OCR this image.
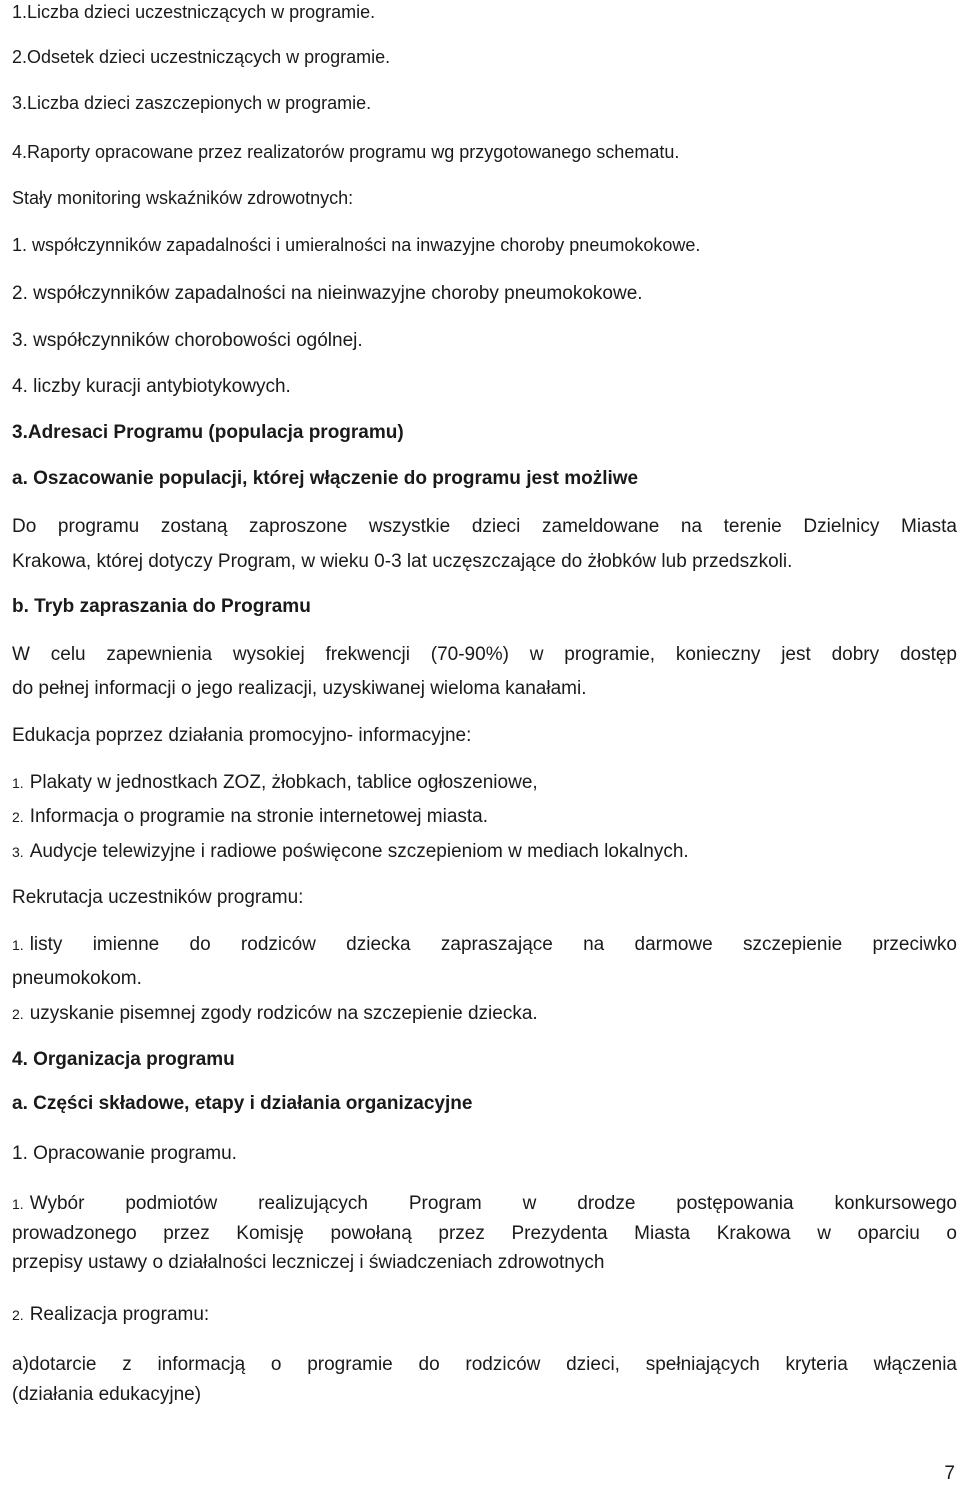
1.Liczba dzieci uczestniczących w programie.
2.Odsetek dzieci uczestniczących w programie.
3.Liczba dzieci zaszczepionych w programie.
4.Raporty opracowane przez realizatorów programu wg przygotowanego schematu.
Stały monitoring wskaźników zdrowotnych:
1. współczynników zapadalności i umieralności na inwazyjne choroby pneumokokowe.
2. współczynników zapadalności na nieinwazyjne choroby pneumokokowe.
3. współczynników chorobowości ogólnej.
4. liczby kuracji antybiotykowych.
3.Adresaci Programu (populacja programu)
a. Oszacowanie populacji, której włączenie do programu jest możliwe
Do programu zostaną zaproszone wszystkie dzieci zameldowane na terenie Dzielnicy Miasta
Krakowa, której dotyczy Program, w wieku 0-3 lat uczęszczające do żłobków lub przedszkoli.
b. Tryb zapraszania do Programu
W celu zapewnienia wysokiej frekwencji (70-90%) w programie, konieczny jest dobry dostęp
do pełnej informacji o jego realizacji, uzyskiwanej wieloma kanałami.
Edukacja poprzez działania promocyjno- informacyjne:
1. Plakaty w jednostkach ZOZ, żłobkach, tablice ogłoszeniowe,
2. Informacja o programie na stronie internetowej miasta.
3. Audycje telewizyjne i radiowe poświęcone szczepieniom w mediach lokalnych.
Rekrutacja uczestników programu:
1. listy imienne do rodziców dziecka zapraszające na darmowe szczepienie przeciwko
pneumokokom.
2. uzyskanie pisemnej zgody rodziców na szczepienie dziecka.
4. Organizacja programu
a. Części składowe, etapy i działania organizacyjne
1. Opracowanie programu.
1. Wybór podmiotów realizujących Program w drodze postępowania konkursowego
prowadzonego przez Komisję powołaną przez Prezydenta Miasta Krakowa w oparciu o
przepisy ustawy o działalności leczniczej i świadczeniach zdrowotnych
2. Realizacja programu:
a)dotarcie z informacją o programie do rodziców dzieci, spełniających kryteria włączenia
(działania edukacyjne)
7
